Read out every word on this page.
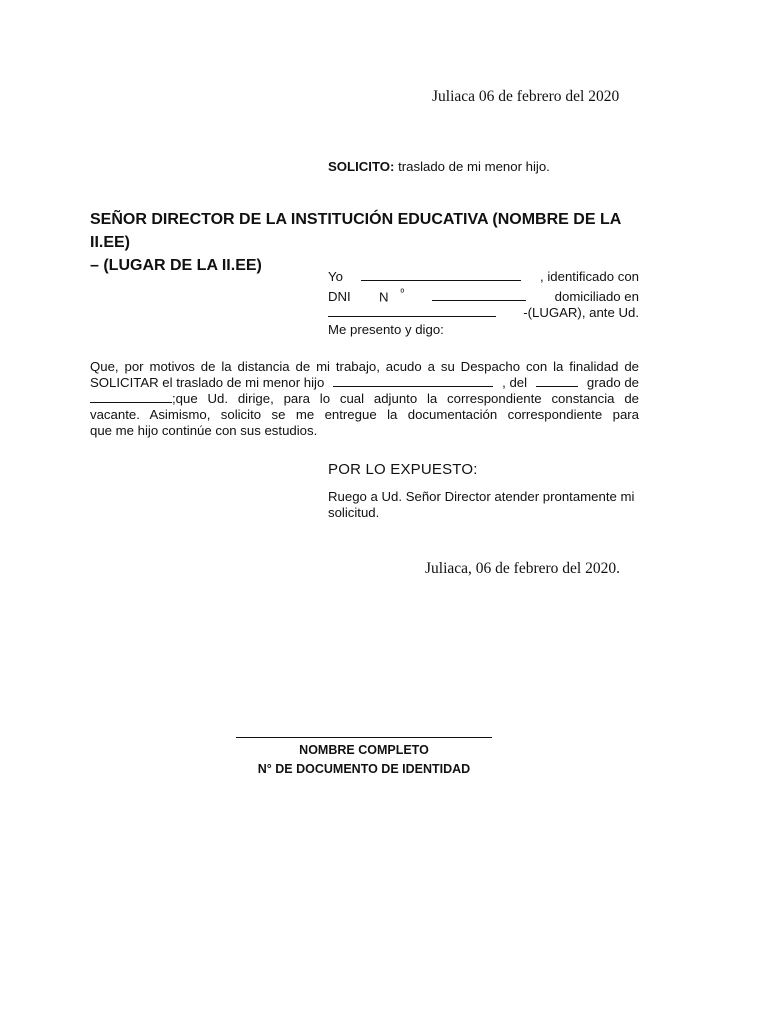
Juliaca 06 de febrero del 2020
SOLICITO: traslado de mi menor hijo.
SEÑOR DIRECTOR DE LA INSTITUCIÓN EDUCATIVA (NOMBRE DE LA II.EE)
– (LUGAR DE LA II.EE)
Yo	, identificado con
DNI N $^º$	domiciliado en
-(LUGAR), ante Ud.
Me presento y digo:
Que, por motivos de la distancia de mi trabajo, acudo a su Despacho con la finalidad de
SOLICITAR el traslado de mi menor hijo	, del	grado de
;que Ud. dirige, para lo cual adjunto la correspondiente constancia de
vacante. Asimismo, solicito se me entregue la documentación correspondiente para
que me hijo continúe con sus estudios.
POR LO EXPUESTO:
Ruego a Ud. Señor Director atender prontamente mi solicitud.
Juliaca, 06 de febrero del 2020.
NOMBRE COMPLETO
N° DE DOCUMENTO DE IDENTIDAD
